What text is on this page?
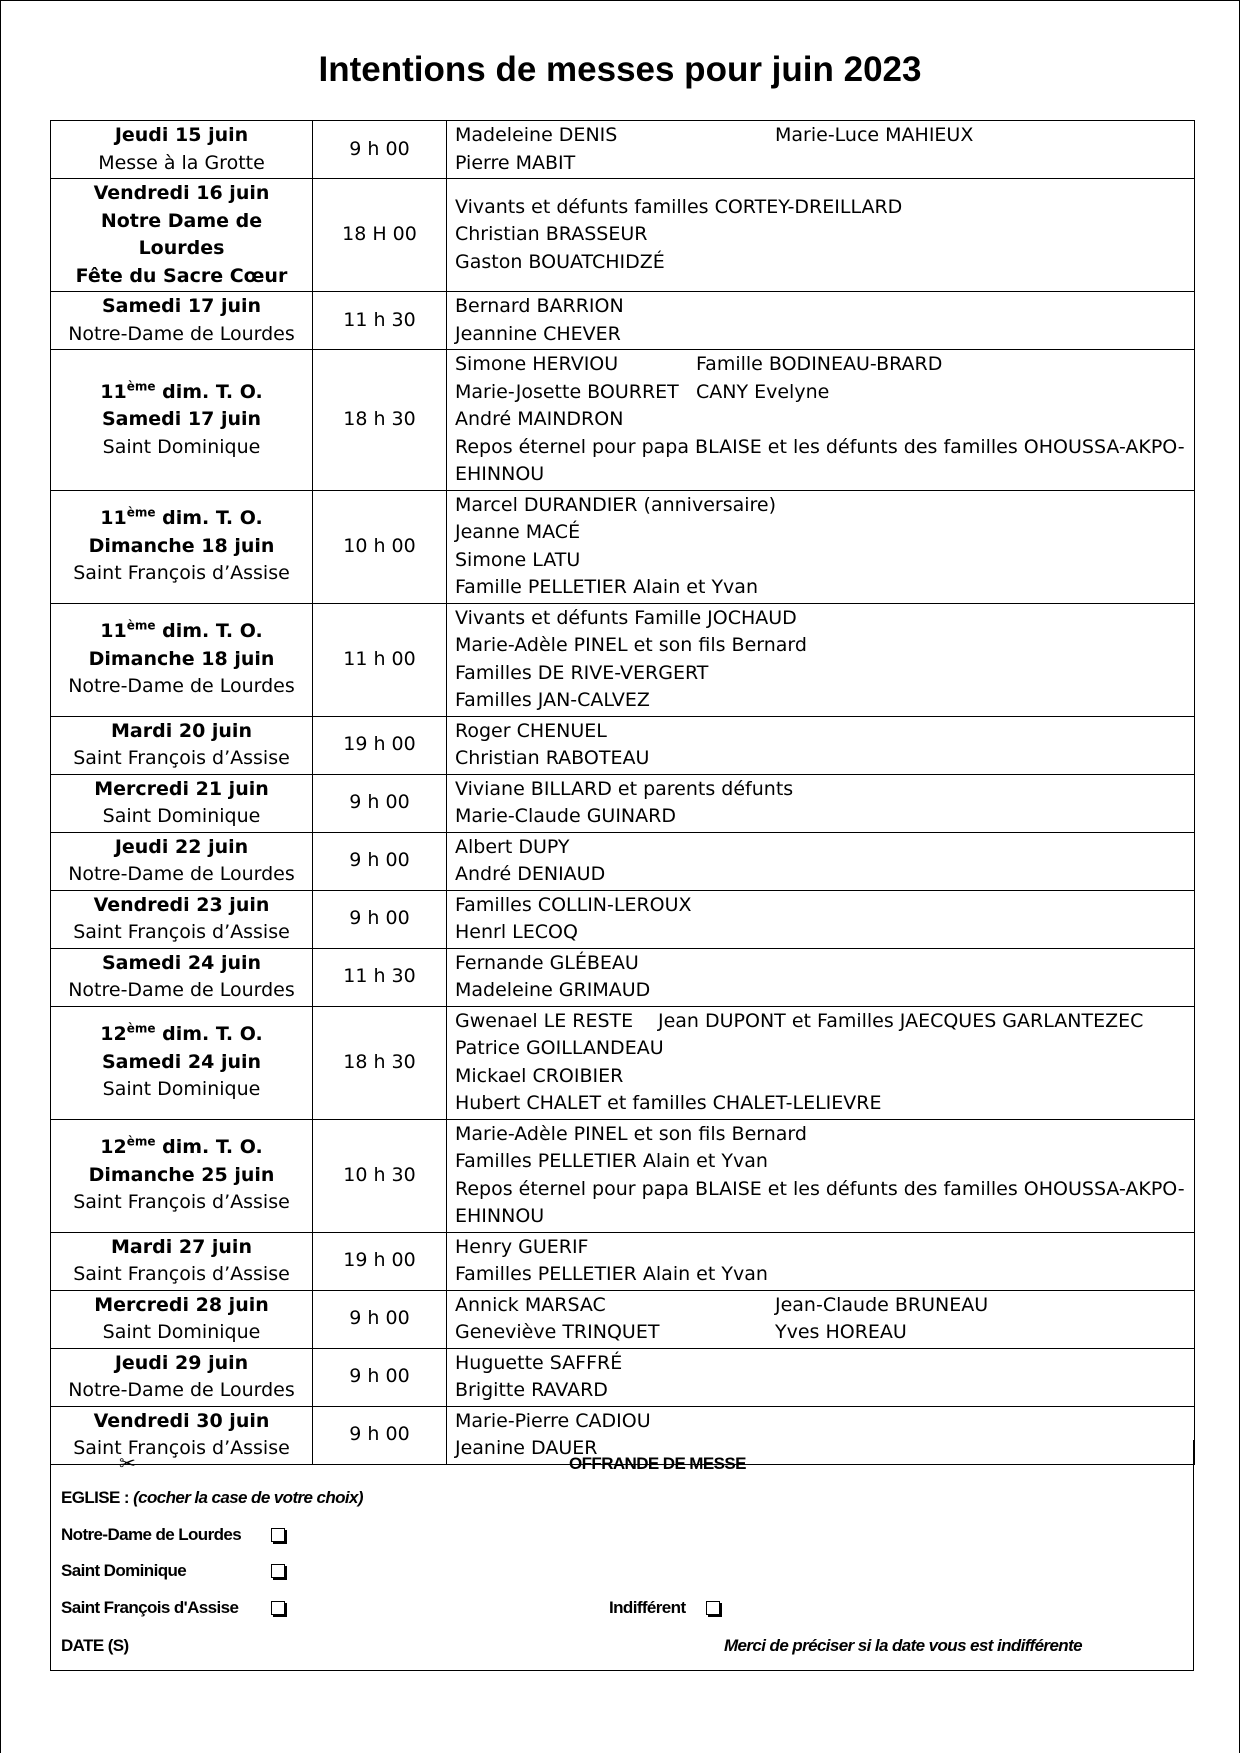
Intentions de messes pour juin 2023
Jeudi 15 juin
Messe à la Grotte	9 h 00	Madeleine DENIS Marie-Luce MAHIEUX
Pierre MABIT

Vendredi 16 juin
Notre Dame de Lourdes
Fête du Sacre Cœur	18 H 00	Vivants et défunts familles CORTEY-DREILLARD
Christian BRASSEUR
Gaston BOUATCHIDZÉ

Samedi 17 juin
Notre-Dame de Lourdes	11 h 30	Bernard BARRION
Jeannine CHEVER

11ème dim. T. O.
Samedi 17 juin
Saint Dominique	18 h 30	Simone HERVIOU Famille BODINEAU-BRARD
Marie-Josette BOURRET CANY Evelyne
André MAINDRON
Repos éternel pour papa BLAISE et les défunts des familles OHOUSSA-AKPO-EHINNOU

11ème dim. T. O.
Dimanche 18 juin
Saint François d’Assise	10 h 00	Marcel DURANDIER (anniversaire)
Jeanne MACÉ
Simone LATU
Famille PELLETIER Alain et Yvan

11ème dim. T. O.
Dimanche 18 juin
Notre-Dame de Lourdes	11 h 00	Vivants et défunts Famille JOCHAUD
Marie-Adèle PINEL et son fils Bernard
Familles DE RIVE-VERGERT
Familles JAN-CALVEZ

Mardi 20 juin
Saint François d’Assise	19 h 00	Roger CHENUEL
Christian RABOTEAU

Mercredi 21 juin
Saint Dominique	9 h 00	Viviane BILLARD et parents défunts
Marie-Claude GUINARD

Jeudi 22 juin
Notre-Dame de Lourdes	9 h 00	Albert DUPY
André DENIAUD

Vendredi 23 juin
Saint François d’Assise	9 h 00	Familles COLLIN-LEROUX
Henrl LECOQ

Samedi 24 juin
Notre-Dame de Lourdes	11 h 30	Fernande GLÉBEAU
Madeleine GRIMAUD

12ème dim. T. O.
Samedi 24 juin
Saint Dominique	18 h 30	Gwenael LE RESTE Jean DUPONT et Familles JAECQUES GARLANTEZEC
Patrice GOILLANDEAU
Mickael CROIBIER
Hubert CHALET et familles CHALET-LELIEVRE

12ème dim. T. O.
Dimanche 25 juin
Saint François d’Assise	10 h 30	Marie-Adèle PINEL et son fils Bernard
Familles PELLETIER Alain et Yvan
Repos éternel pour papa BLAISE et les défunts des familles OHOUSSA-AKPO-EHINNOU

Mardi 27 juin
Saint François d’Assise	19 h 00	Henry GUERIF
Familles PELLETIER Alain et Yvan

Mercredi 28 juin
Saint Dominique	9 h 00	Annick MARSAC Jean-Claude BRUNEAU
Geneviève TRINQUET Yves HOREAU

Jeudi 29 juin
Notre-Dame de Lourdes	9 h 00	Huguette SAFFRÉ
Brigitte RAVARD

Vendredi 30 juin
Saint François d’Assise	9 h 00	Marie-Pierre CADIOU
Jeanine DAUER
✂	OFFRANDE DE MESSE
EGLISE : (cocher la case de votre choix)
Notre-Dame de Lourdes
Saint Dominique
Saint François d'Assise	Indifférent
DATE (S)	Merci de préciser si la date vous est indifférente
